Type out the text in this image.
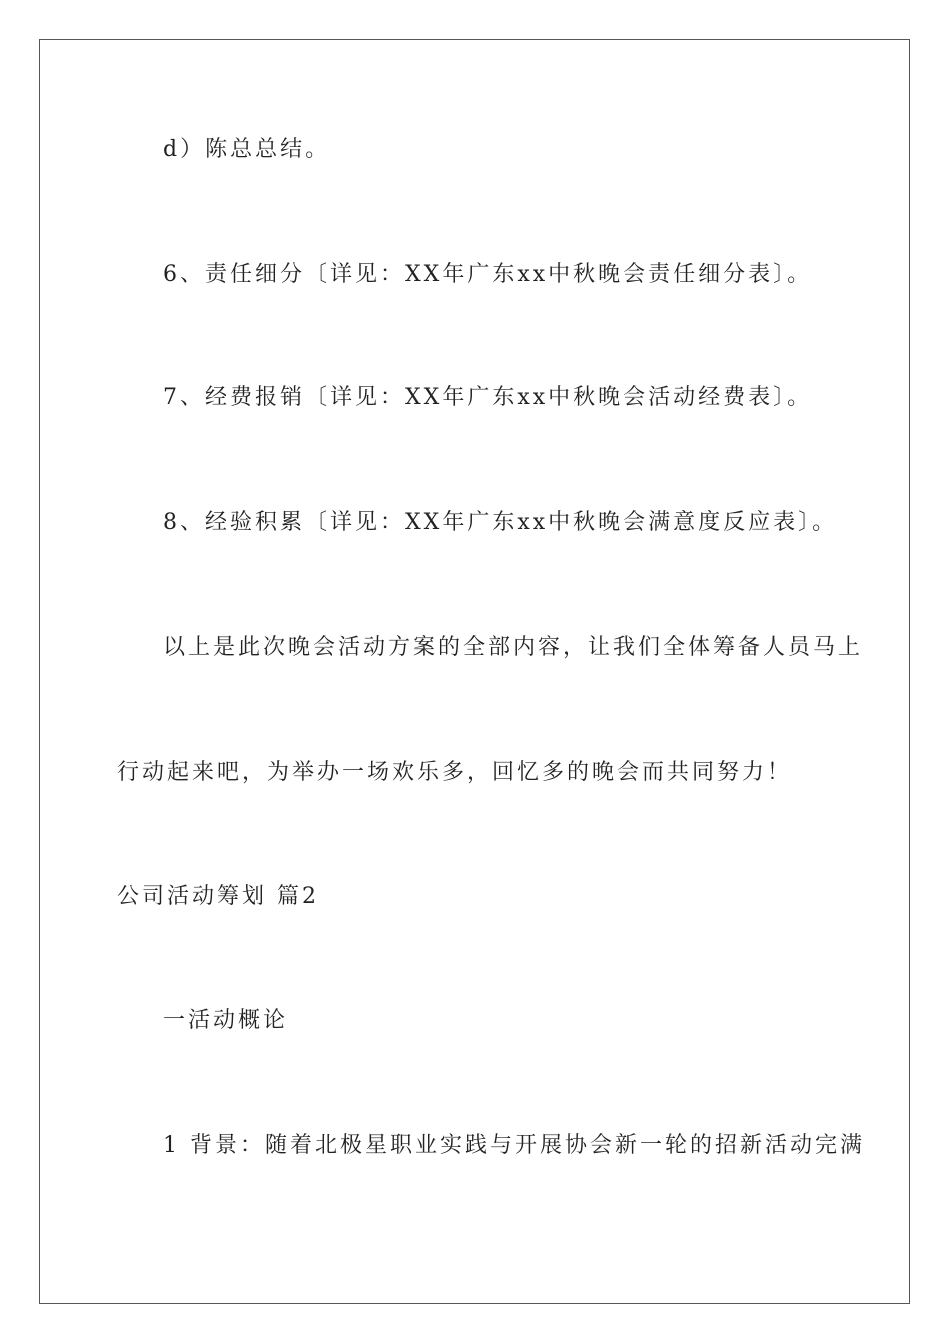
d）陈总总结。
6、责任细分〔详见：XX年广东xx中秋晚会责任细分表〕。
7、经费报销〔详见：XX年广东xx中秋晚会活动经费表〕。
8、经验积累〔详见：XX年广东xx中秋晚会满意度反应表〕。
以上是此次晚会活动方案的全部内容，让我们全体筹备人员马上
行动起来吧，为举办一场欢乐多，回忆多的晚会而共同努力！
公司活动筹划 篇2
一活动概论
1 背景：随着北极星职业实践与开展协会新一轮的招新活动完满
